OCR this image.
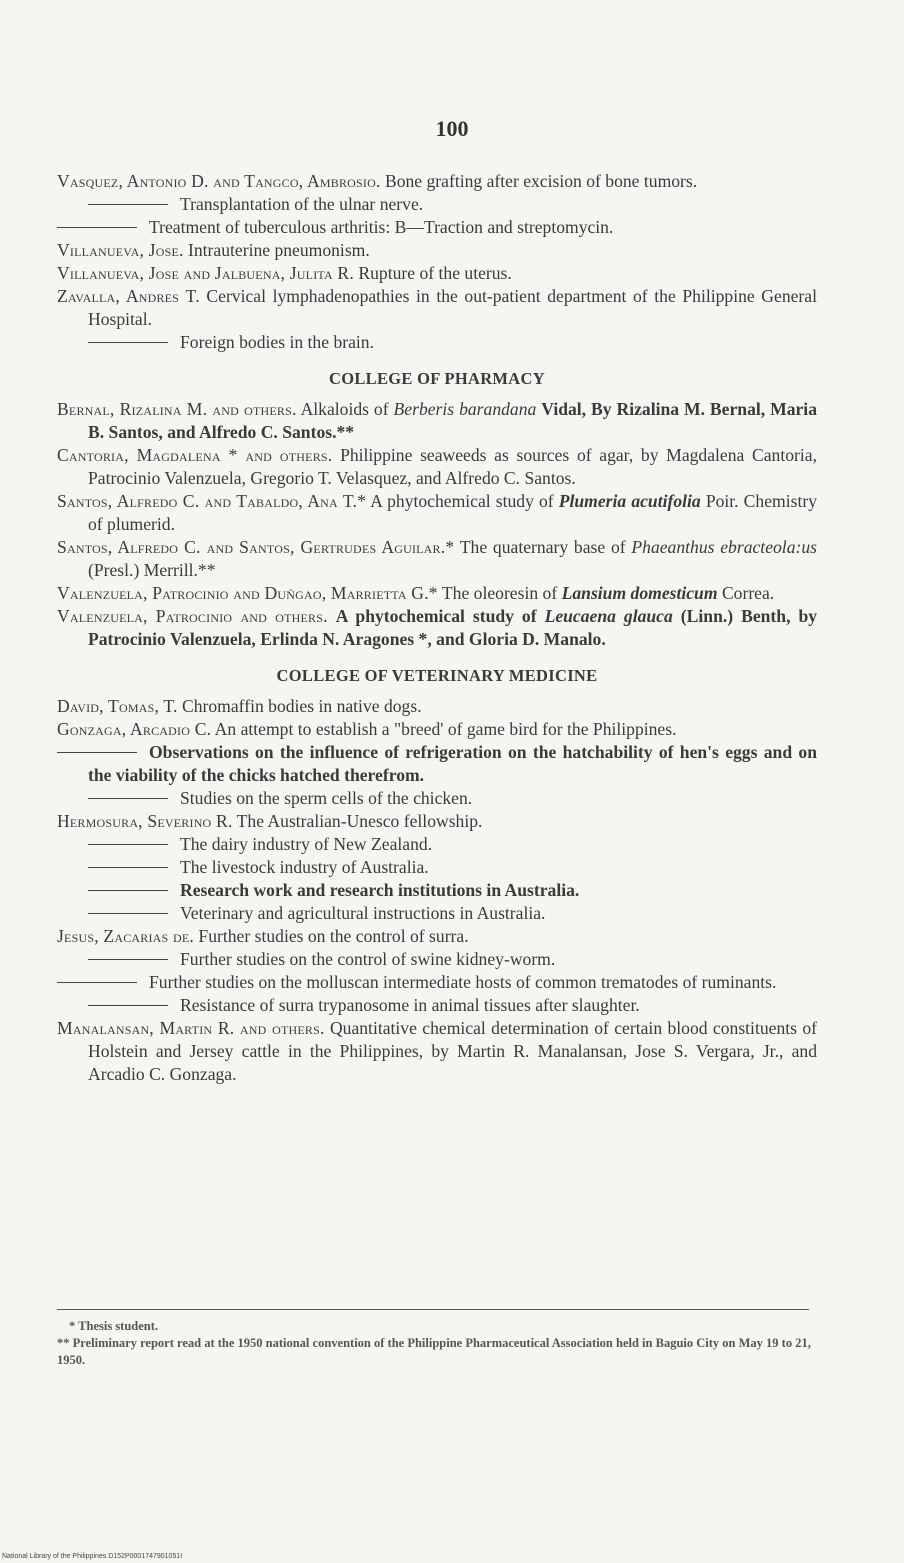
100
Vasquez, Antonio D. and Tangco, Ambrosio. Bone grafting after excision of bone tumors.
Transplantation of the ulnar nerve.
Treatment of tuberculous arthritis: B—Traction and streptomycin.
Villanueva, Jose. Intrauterine pneumonism.
Villanueva, Jose and Jalbuena, Julita R. Rupture of the uterus.
Zavalla, Andres T. Cervical lymphadenopathies in the out-patient department of the Philippine General Hospital.
Foreign bodies in the brain.
COLLEGE OF PHARMACY
Bernal, Rizalina M. and others. Alkaloids of Berberis barandana Vidal, By Rizalina M. Bernal, Maria B. Santos, and Alfredo C. Santos.**
Cantoria, Magdalena * and others. Philippine seaweeds as sources of agar, by Magdalena Cantoria, Patrocinio Valenzuela, Gregorio T. Velasquez, and Alfredo C. Santos.
Santos, Alfredo C. and Tabaldo, Ana T.* A phytochemical study of Plumeria acutifolia Poir. Chemistry of plumerid.
Santos, Alfredo C. and Santos, Gertrudes Aguilar.* The quaternary base of Phaeanthus ebracteola:us (Presl.) Merrill.**
Valenzuela, Patrocinio and Duñgao, Marrietta G.* The oleoresin of Lansium domesticum Correa.
Valenzuela, Patrocinio and others. A phytochemical study of Leucaena glauca (Linn.) Benth, by Patrocinio Valenzuela, Erlinda N. Aragones *, and Gloria D. Manalo.
COLLEGE OF VETERINARY MEDICINE
David, Tomas, T. Chromaffin bodies in native dogs.
Gonzaga, Arcadio C. An attempt to establish a "breed' of game bird for the Philippines.
Observations on the influence of refrigeration on the hatchability of hen's eggs and on the viability of the chicks hatched therefrom.
Studies on the sperm cells of the chicken.
Hermosura, Severino R. The Australian-Unesco fellowship.
The dairy industry of New Zealand.
The livestock industry of Australia.
Research work and research institutions in Australia.
Veterinary and agricultural instructions in Australia.
Jesus, Zacarias de. Further studies on the control of surra.
Further studies on the control of swine kidney-worm.
Further studies on the molluscan intermediate hosts of common trematodes of ruminants.
Resistance of surra trypanosome in animal tissues after slaughter.
Manalansan, Martin R. and others. Quantitative chemical determination of certain blood constituents of Holstein and Jersey cattle in the Philippines, by Martin R. Manalansan, Jose S. Vergara, Jr., and Arcadio C. Gonzaga.
* Thesis student.
** Preliminary report read at the 1950 national convention of the Philippine Pharmaceutical Association held in Baguio City on May 19 to 21, 1950.
National Library of the Philippines D152P0001747901051I
